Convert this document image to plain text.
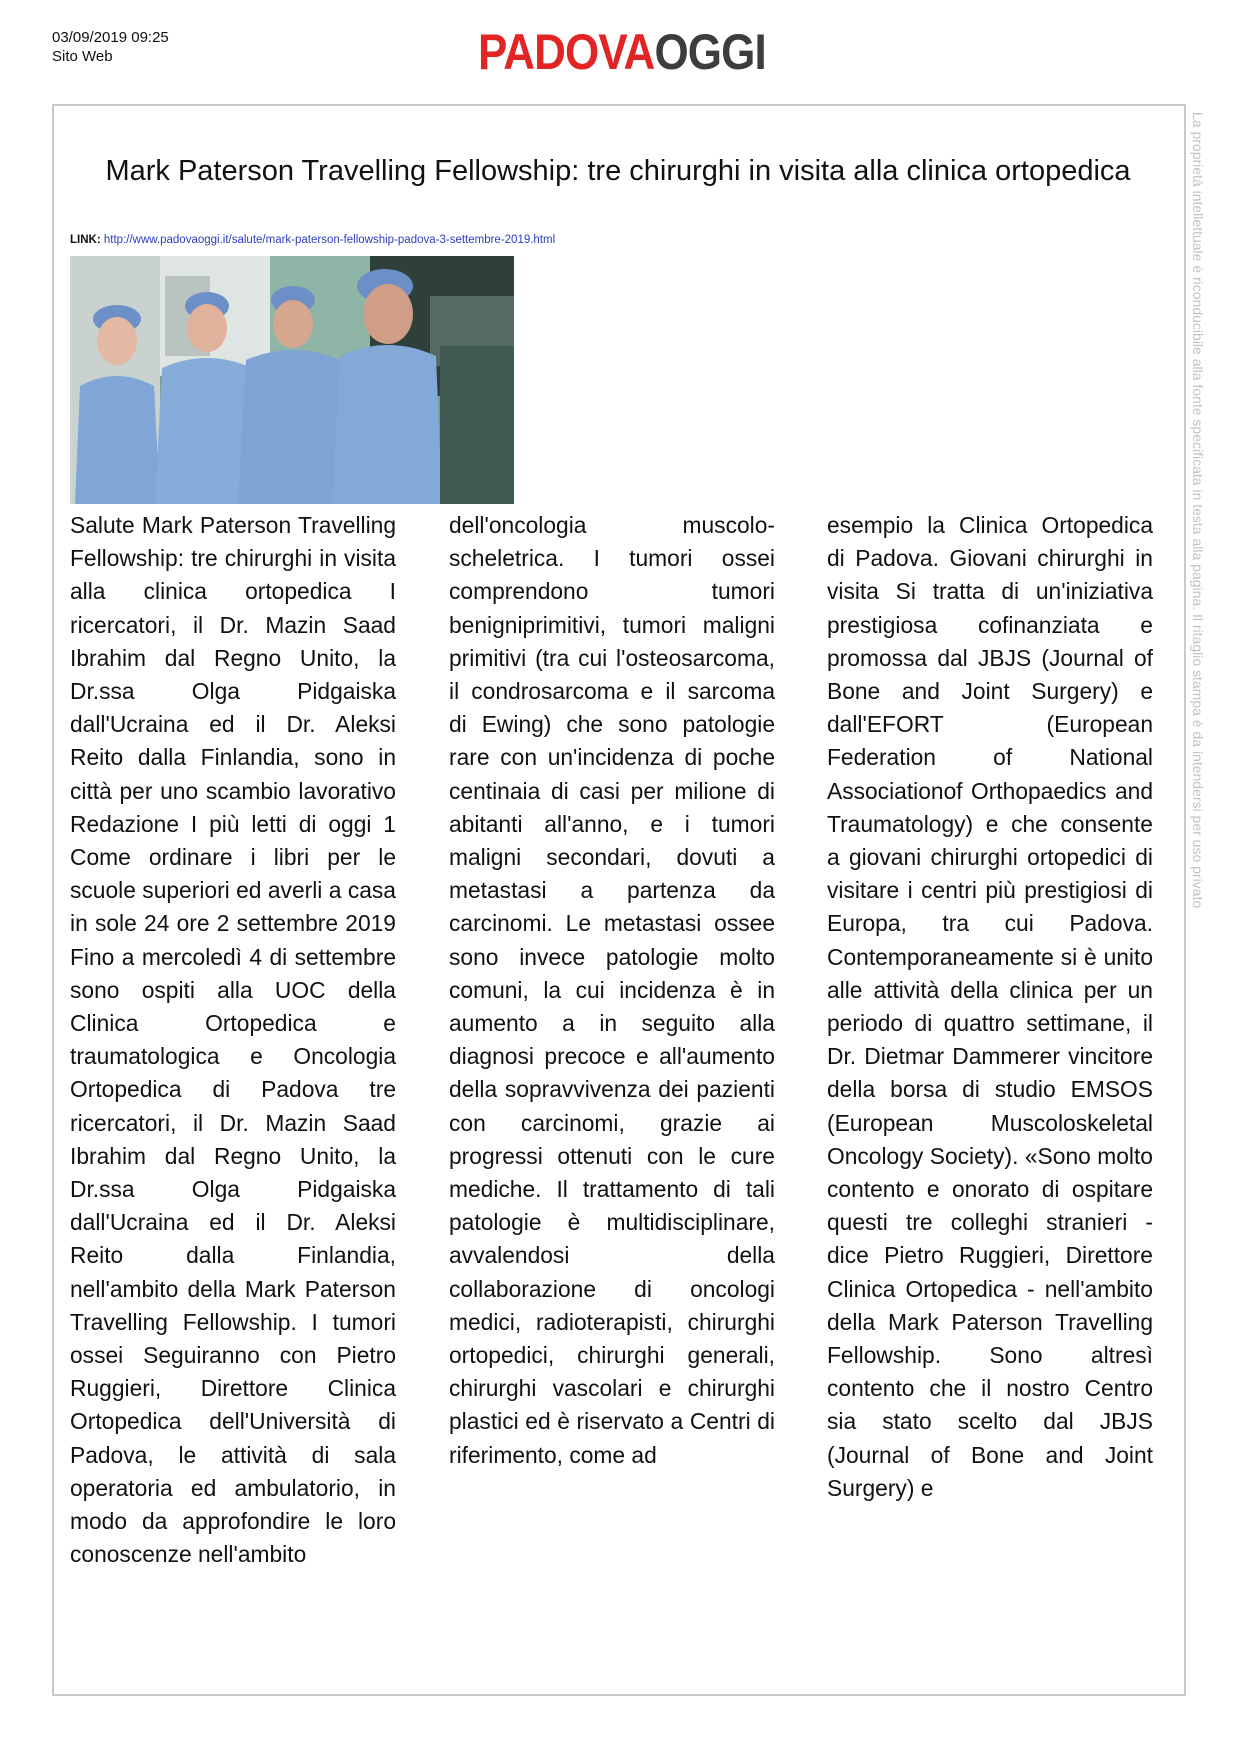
03/09/2019 09:25
Sito Web	PADOVAOGGI
La proprietà intellettuale è riconducibile alla fonte specificata in testa alla pagina. Il ritaglio stampa è da intendersi per uso privato
Mark Paterson Travelling Fellowship: tre chirurghi in visita alla clinica ortopedica
LINK: http://www.padovaoggi.it/salute/mark-paterson-fellowship-padova-3-settembre-2019.html

Salute Mark Paterson Travelling Fellowship: tre chirurghi in visita alla clinica ortopedica I ricercatori, il Dr. Mazin Saad Ibrahim dal Regno Unito, la Dr.ssa Olga Pidgaiska dall'Ucraina ed il Dr. Aleksi Reito dalla Finlandia, sono in città per uno scambio lavorativo Redazione I più letti di oggi 1 Come ordinare i libri per le scuole superiori ed averli a casa in sole 24 ore 2 settembre 2019 Fino a mercoledì 4 di settembre sono ospiti alla UOC della Clinica Ortopedica e traumatologica e Oncologia Ortopedica di Padova tre ricercatori, il Dr. Mazin Saad Ibrahim dal Regno Unito, la Dr.ssa Olga Pidgaiska dall'Ucraina ed il Dr. Aleksi Reito dalla Finlandia, nell'ambito della Mark Paterson Travelling Fellowship. I tumori ossei Seguiranno con Pietro Ruggieri, Direttore Clinica Ortopedica dell'Università di Padova, le attività di sala operatoria ed ambulatorio, in modo da approfondire le loro conoscenze nell'ambito

dell'oncologia muscolo-scheletrica. I tumori ossei comprendono tumori benigniprimitivi, tumori maligni primitivi (tra cui l'osteosarcoma, il condrosarcoma e il sarcoma di Ewing) che sono patologie rare con un'incidenza di poche centinaia di casi per milione di abitanti all'anno, e i tumori maligni secondari, dovuti a metastasi a partenza da carcinomi. Le metastasi ossee sono invece patologie molto comuni, la cui incidenza è in aumento a in seguito alla diagnosi precoce e all'aumento della sopravvivenza dei pazienti con carcinomi, grazie ai progressi ottenuti con le cure mediche. Il trattamento di tali patologie è multidisciplinare, avvalendosi della collaborazione di oncologi medici, radioterapisti, chirurghi ortopedici, chirurghi generali, chirurghi vascolari e chirurghi plastici ed è riservato a Centri di riferimento, come ad

esempio la Clinica Ortopedica di Padova. Giovani chirurghi in visita Si tratta di un'iniziativa prestigiosa cofinanziata e promossa dal JBJS (Journal of Bone and Joint Surgery) e dall'EFORT (European Federation of National Associationof Orthopaedics and Traumatology) e che consente a giovani chirurghi ortopedici di visitare i centri più prestigiosi di Europa, tra cui Padova. Contemporaneamente si è unito alle attività della clinica per un periodo di quattro settimane, il Dr. Dietmar Dammerer vincitore della borsa di studio EMSOS (European Muscoloskeletal Oncology Society). «Sono molto contento e onorato di ospitare questi tre colleghi stranieri - dice Pietro Ruggieri, Direttore Clinica Ortopedica - nell'ambito della Mark Paterson Travelling Fellowship. Sono altresì contento che il nostro Centro sia stato scelto dal JBJS (Journal of Bone and Joint Surgery) e
